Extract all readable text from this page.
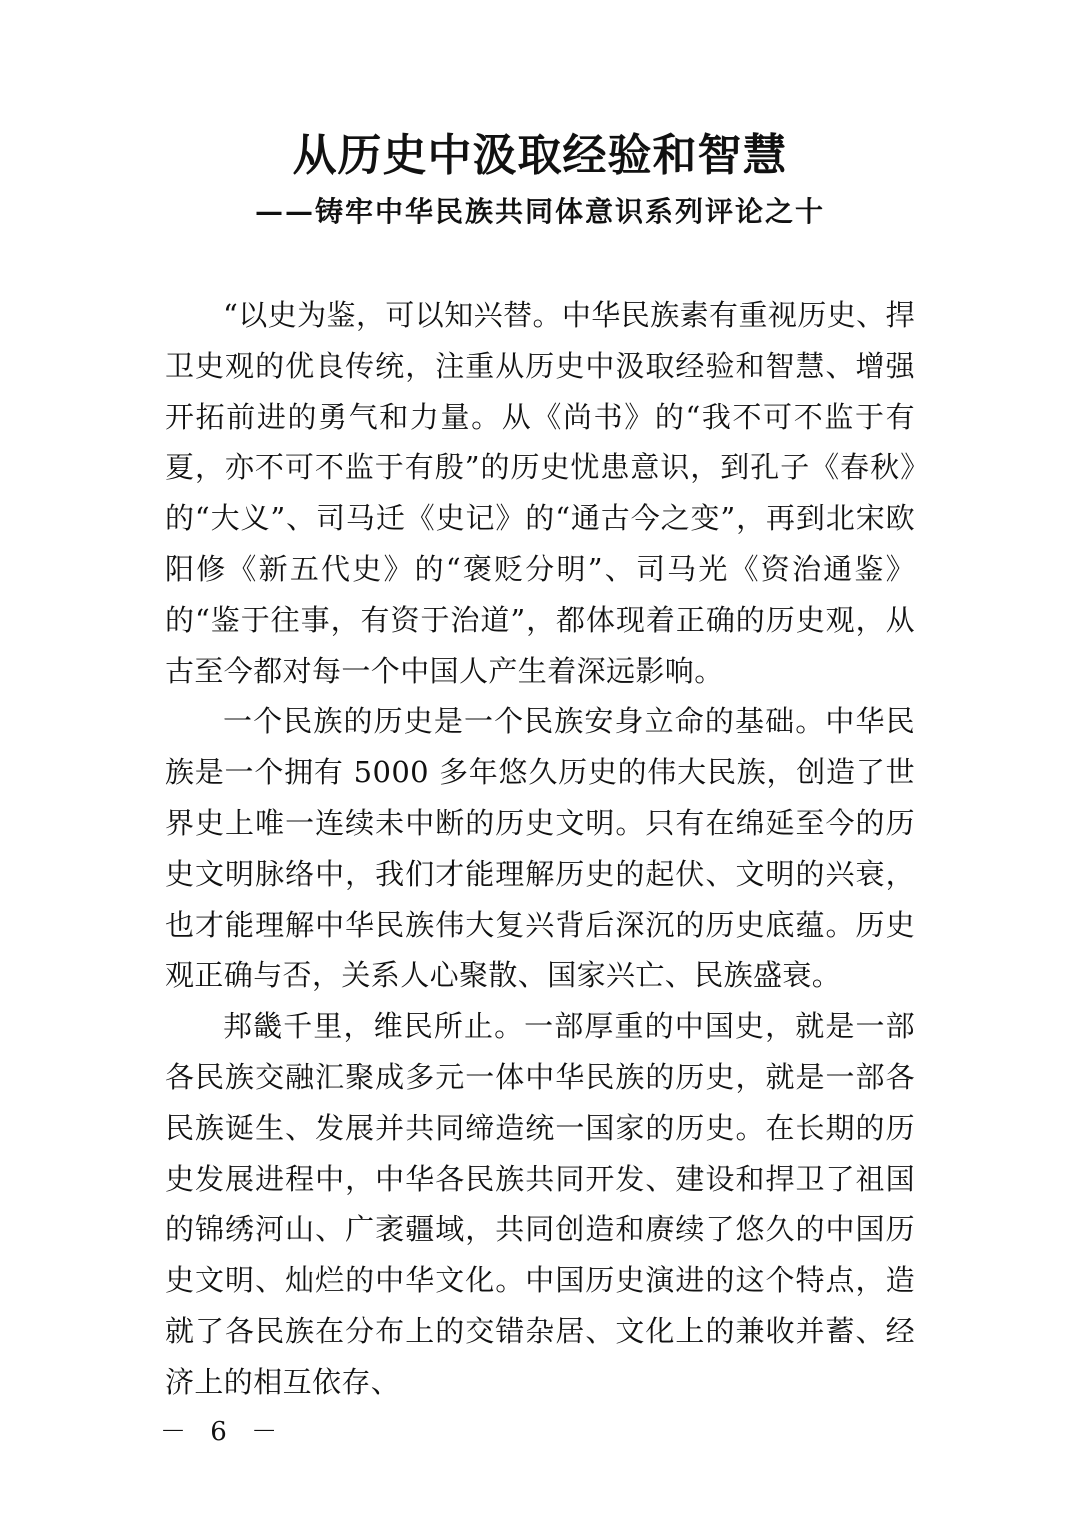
从历史中汲取经验和智慧
——铸牢中华民族共同体意识系列评论之十

“以史为鉴，可以知兴替。中华民族素有重视历史、捍卫史观的优良传统，注重从历史中汲取经验和智慧、增强开拓前进的勇气和力量。从《尚书》的“我不可不监于有夏，亦不可不监于有殷”的历史忧患意识，到孔子《春秋》的“大义”、司马迁《史记》的“通古今之变”，再到北宋欧阳修《新五代史》的“褒贬分明”、司马光《资治通鉴》的“鉴于往事，有资于治道”，都体现着正确的历史观，从古至今都对每一个中国人产生着深远影响。

一个民族的历史是一个民族安身立命的基础。中华民族是一个拥有 5000 多年悠久历史的伟大民族，创造了世界史上唯一连续未中断的历史文明。只有在绵延至今的历史文明脉络中，我们才能理解历史的起伏、文明的兴衰，也才能理解中华民族伟大复兴背后深沉的历史底蕴。历史观正确与否，关系人心聚散、国家兴亡、民族盛衰。

邦畿千里，维民所止。一部厚重的中国史，就是一部各民族交融汇聚成多元一体中华民族的历史，就是一部各民族诞生、发展并共同缔造统一国家的历史。在长期的历史发展进程中，中华各民族共同开发、建设和捍卫了祖国的锦绣河山、广袤疆域，共同创造和赓续了悠久的中国历史文明、灿烂的中华文化。中国历史演进的这个特点，造就了各民族在分布上的交错杂居、文化上的兼收并蓄、经济上的相互依存、

－ 6 －
